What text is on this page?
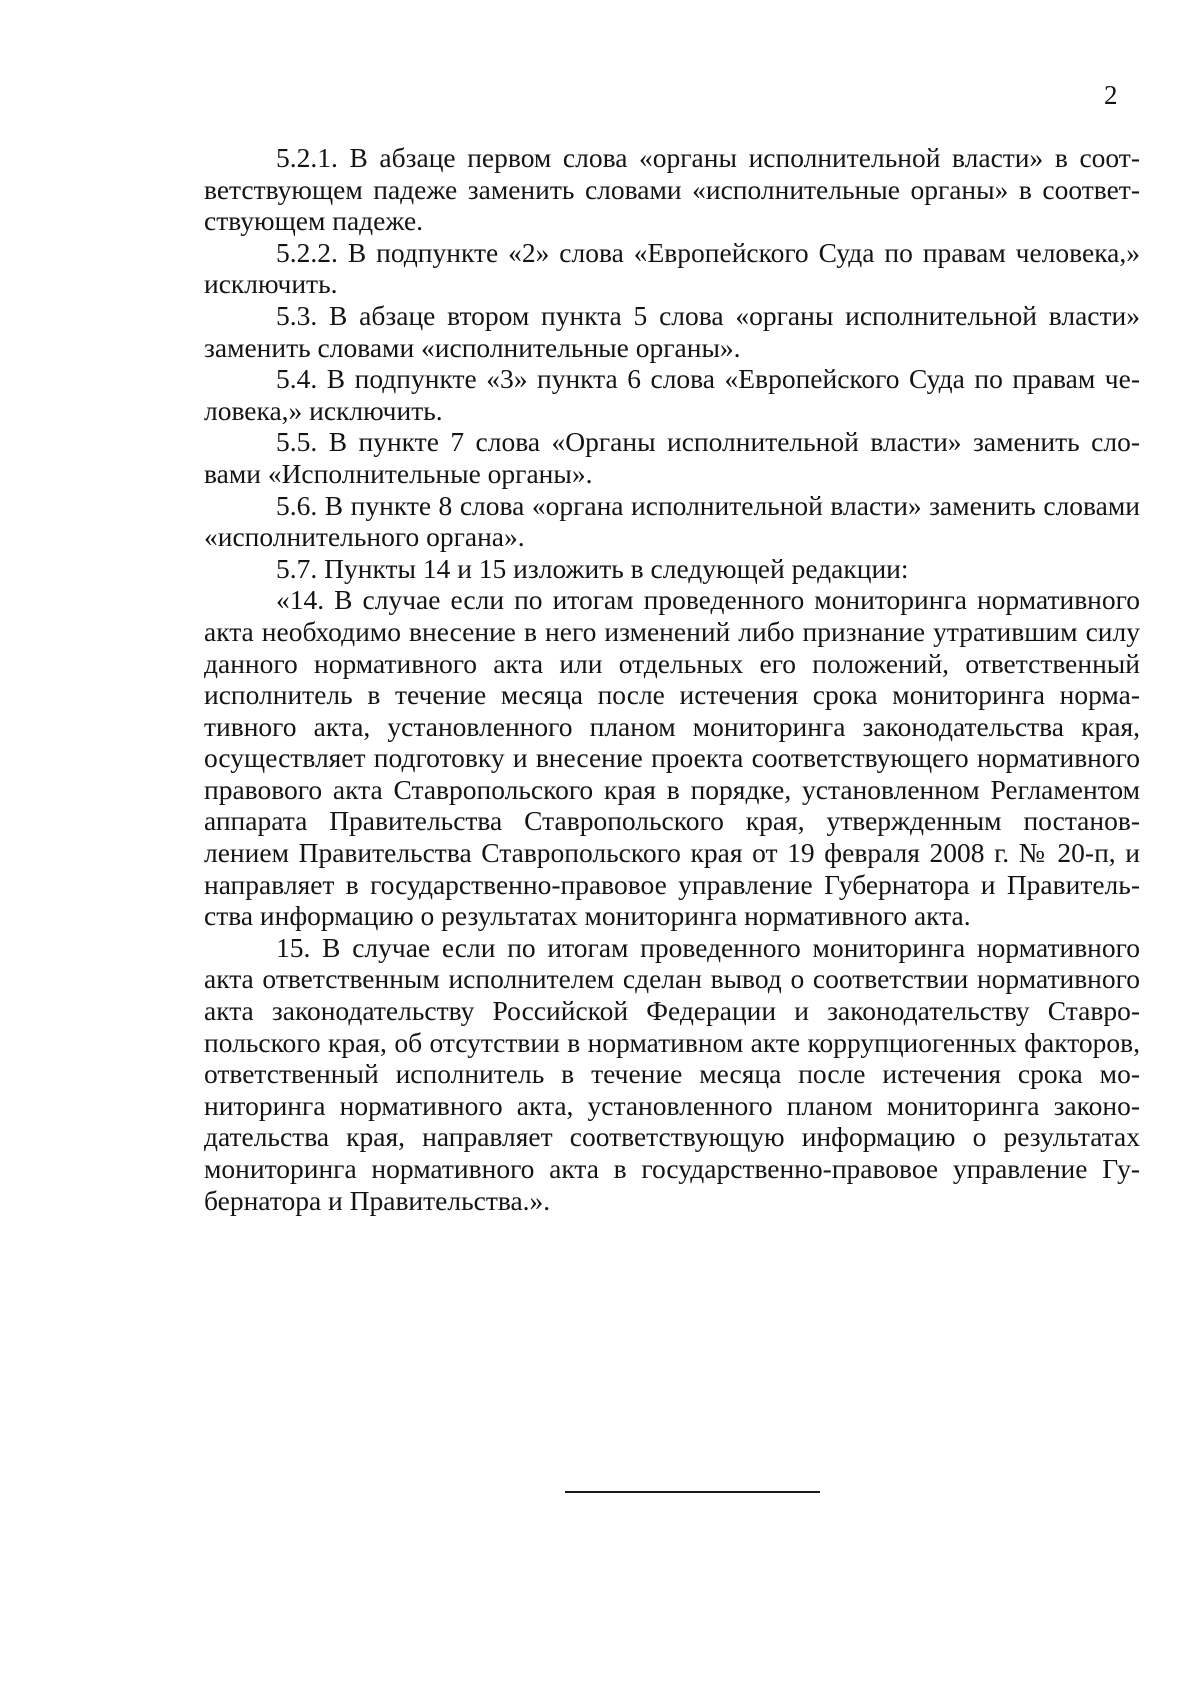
2

5.2.1. В абзаце первом слова «органы исполнительной власти» в соответствующем падеже заменить словами «исполнительные органы» в соответствующем падеже.

5.2.2. В подпункте «2» слова «Европейского Суда по правам человека,» исключить.

5.3. В абзаце втором пункта 5 слова «органы исполнительной власти» заменить словами «исполнительные органы».

5.4. В подпункте «3» пункта 6 слова «Европейского Суда по правам человека,» исключить.

5.5. В пункте 7 слова «Органы исполнительной власти» заменить словами «Исполнительные органы».

5.6. В пункте 8 слова «органа исполнительной власти» заменить словами «исполнительного органа».

5.7. Пункты 14 и 15 изложить в следующей редакции:

«14. В случае если по итогам проведенного мониторинга нормативного акта необходимо внесение в него изменений либо признание утратившим силу данного нормативного акта или отдельных его положений, ответственный исполнитель в течение месяца после истечения срока мониторинга нормативного акта, установленного планом мониторинга законодательства края, осуществляет подготовку и внесение проекта соответствующего нормативного правового акта Ставропольского края в порядке, установленном Регламентом аппарата Правительства Ставропольского края, утвержденным постановлением Правительства Ставропольского края от 19 февраля 2008 г. № 20-п, и направляет в государственно-правовое управление Губернатора и Правительства информацию о результатах мониторинга нормативного акта.

15. В случае если по итогам проведенного мониторинга нормативного акта ответственным исполнителем сделан вывод о соответствии нормативного акта законодательству Российской Федерации и законодательству Ставропольского края, об отсутствии в нормативном акте коррупциогенных факторов, ответственный исполнитель в течение месяца после истечения срока мониторинга нормативного акта, установленного планом мониторинга законодательства края, направляет соответствующую информацию о результатах мониторинга нормативного акта в государственно-правовое управление Губернатора и Правительства.».
